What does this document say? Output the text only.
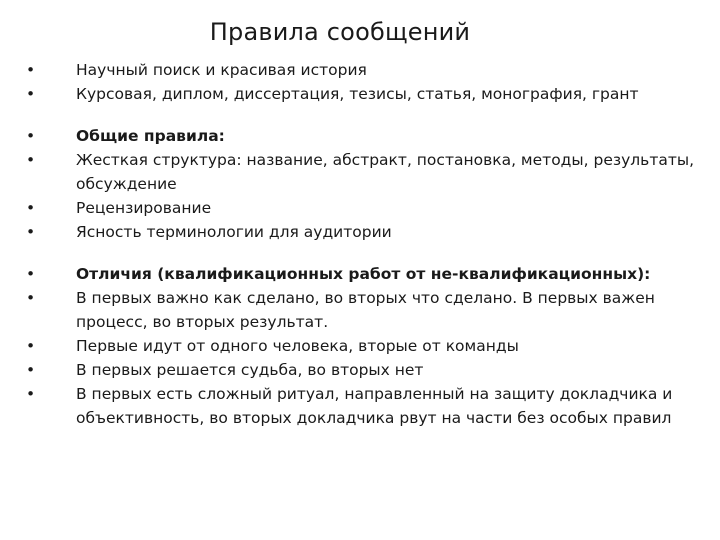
Правила сообщений
•	Научный поиск и красивая история
•	Курсовая, диплом, диссертация, тезисы, статья, монография, грант
•	Общие правила:
•	Жесткая структура: название, абстракт, постановка, методы, результаты, обсуждение
•	Рецензирование
•	Ясность терминологии для аудитории
•	Отличия (квалификационных работ от не-квалификационных):
•	В первых важно как сделано, во вторых что сделано. В первых важен процесс, во вторых результат.
•	Первые идут от одного человека, вторые от команды
•	В первых решается судьба, во вторых нет
•	В первых есть сложный ритуал, направленный на защиту докладчика и объективность, во вторых докладчика рвут на части без особых правил
